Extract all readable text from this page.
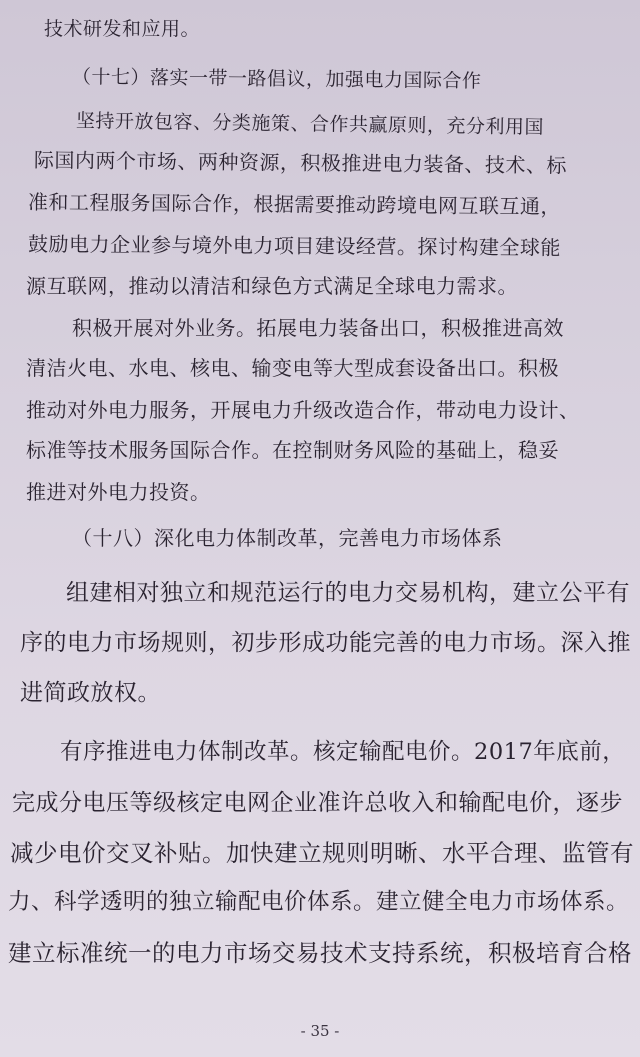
技术研发和应用。
（十七）落实一带一路倡议，加强电力国际合作
坚持开放包容、分类施策、合作共赢原则，充分利用国
际国内两个市场、两种资源，积极推进电力装备、技术、标
准和工程服务国际合作，根据需要推动跨境电网互联互通，
鼓励电力企业参与境外电力项目建设经营。探讨构建全球能
源互联网，推动以清洁和绿色方式满足全球电力需求。
积极开展对外业务。拓展电力装备出口，积极推进高效
清洁火电、水电、核电、输变电等大型成套设备出口。积极
推动对外电力服务，开展电力升级改造合作，带动电力设计、
标准等技术服务国际合作。在控制财务风险的基础上，稳妥
推进对外电力投资。
（十八）深化电力体制改革，完善电力市场体系
组建相对独立和规范运行的电力交易机构，建立公平有
序的电力市场规则，初步形成功能完善的电力市场。深入推
进简政放权。
有序推进电力体制改革。核定输配电价。2017年底前，
完成分电压等级核定电网企业准许总收入和输配电价，逐步
减少电价交叉补贴。加快建立规则明晰、水平合理、监管有
力、科学透明的独立输配电价体系。建立健全电力市场体系。
建立标准统一的电力市场交易技术支持系统，积极培育合格
- 35 -
